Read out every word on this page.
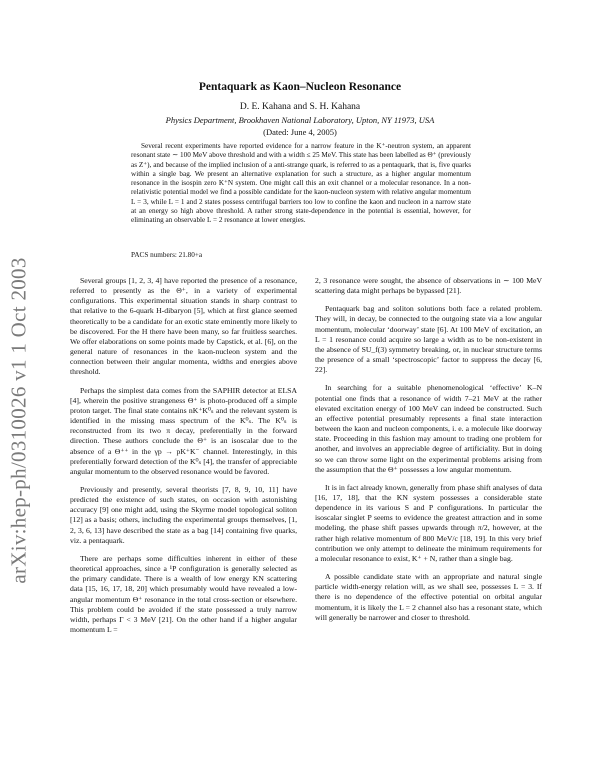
arXiv:hep-ph/0310026 v1 1 Oct 2003
Pentaquark as Kaon–Nucleon Resonance
D. E. Kahana and S. H. Kahana
Physics Department, Brookhaven National Laboratory, Upton, NY 11973, USA
(Dated: June 4, 2005)

Several recent experiments have reported evidence for a narrow feature in the K⁺-neutron system, an apparent resonant state ∼ 100 MeV above threshold and with a width ≤ 25 MeV. This state has been labelled as Θ⁺ (previously as Z⁺), and because of the implied inclusion of a anti-strange quark, is referred to as a pentaquark, that is, five quarks within a single bag. We present an alternative explanation for such a structure, as a higher angular momentum resonance in the isospin zero K⁺N system. One might call this an exit channel or a molecular resonance. In a non-relativistic potential model we find a possible candidate for the kaon-nucleon system with relative angular momentum L = 3, while L = 1 and 2 states possess centrifugal barriers too low to confine the kaon and nucleon in a narrow state at an energy so high above threshold. A rather strong state-dependence in the potential is essential, however, for eliminating an observable L = 2 resonance at lower energies.

PACS numbers: 21.80+a

Several groups [1, 2, 3, 4] have reported the presence of a resonance, referred to presently as the Θ⁺, in a variety of experimental configurations. This experimental situation stands in sharp contrast to that relative to the 6-quark H-dibaryon [5], which at first glance seemed theoretically to be a candidate for an exotic state eminently more likely to be discovered. For the H there have been many, so far fruitless searches. We offer elaborations on some points made by Capstick, et al. [6], on the general nature of resonances in the kaon-nucleon system and the connection between their angular momenta, widths and energies above threshold.

Perhaps the simplest data comes from the SAPHIR detector at ELSA [4], wherein the positive strangeness Θ⁺ is photo-produced off a simple proton target. The final state contains nK⁺K⁰ₛ and the relevant system is identified in the missing mass spectrum of the K⁰ₛ. The K⁰ₛ is reconstructed from its two π decay, preferentially in the forward direction. These authors conclude the Θ⁺ is an isoscalar due to the absence of a Θ⁺⁺ in the γp → pK⁺K⁻ channel. Interestingly, in this preferentially forward detection of the K⁰ₛ [4], the transfer of appreciable angular momentum to the observed resonance would be favored.

Previously and presently, several theorists [7, 8, 9, 10, 11] have predicted the existence of such states, on occasion with astonishing accuracy [9] one might add, using the Skyrme model topological soliton [12] as a basis; others, including the experimental groups themselves, [1, 2, 3, 6, 13] have described the state as a bag [14] containing five quarks, viz. a pentaquark.

There are perhaps some difficulties inherent in either of these theoretical approaches, since a ¹P configuration is generally selected as the primary candidate. There is a wealth of low energy KN scattering data [15, 16, 17, 18, 20] which presumably would have revealed a low-angular momentum Θ⁺ resonance in the total cross-section or elsewhere. This problem could be avoided if the state possessed a truly narrow width, perhaps Γ < 3 MeV [21]. On the other hand if a higher angular momentum L =

2, 3 resonance were sought, the absence of observations in ∼ 100 MeV scattering data might perhaps be bypassed [21].

Pentaquark bag and soliton solutions both face a related problem. They will, in decay, be connected to the outgoing state via a low angular momentum, molecular ‘doorway’ state [6]. At 100 MeV of excitation, an L = 1 resonance could acquire so large a width as to be non-existent in the absence of SU_f(3) symmetry breaking, or, in nuclear structure terms the presence of a small ‘spectroscopic’ factor to suppress the decay [6, 22].

In searching for a suitable phenomenological ‘effective’ K–N potential one finds that a resonance of width 7–21 MeV at the rather elevated excitation energy of 100 MeV can indeed be constructed. Such an effective potential presumably represents a final state interaction between the kaon and nucleon components, i. e. a molecule like doorway state. Proceeding in this fashion may amount to trading one problem for another, and involves an appreciable degree of artificiality. But in doing so we can throw some light on the experimental problems arising from the assumption that the Θ⁺ possesses a low angular momentum.

It is in fact already known, generally from phase shift analyses of data [16, 17, 18], that the KN system possesses a considerable state dependence in its various S and P configurations. In particular the isoscalar singlet P seems to evidence the greatest attraction and in some modeling, the phase shift passes upwards through π/2, however, at the rather high relative momentum of 800 MeV/c [18, 19]. In this very brief contribution we only attempt to delineate the minimum requirements for a molecular resonance to exist, K⁺ + N, rather than a single bag.

A possible candidate state with an appropriate and natural single particle width-energy relation will, as we shall see, possesses L = 3. If there is no dependence of the effective potential on orbital angular momentum, it is likely the L = 2 channel also has a resonant state, which will generally be narrower and closer to threshold.
